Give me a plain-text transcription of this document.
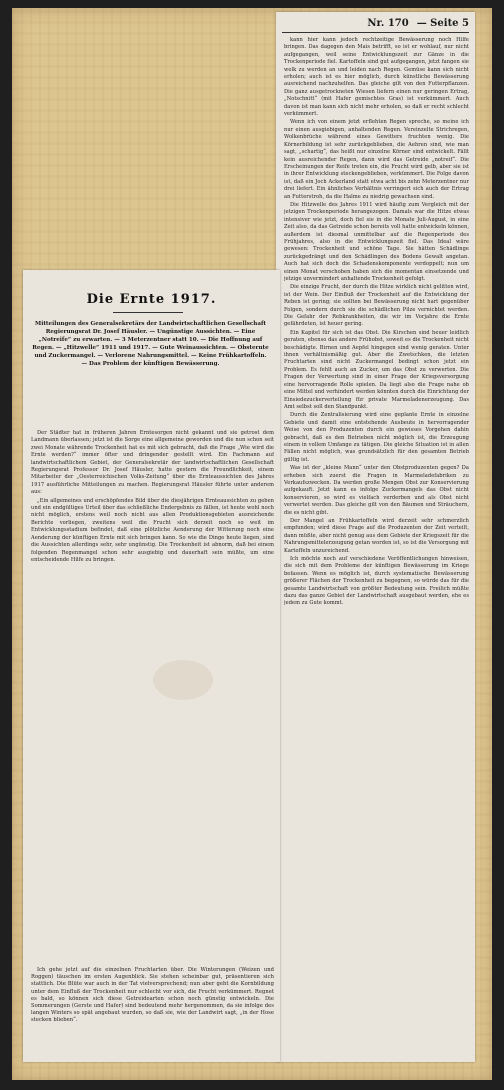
Nr. 170 — Seite 5

kann hier kann jedoch rechtzeitige Bewässerung noch Hilfe bringen. Das dagegen den Mais betrifft, so ist er wohlauf, nur nicht aufgegangen, weil seine Entwicklungszeit zur Gänze in die Trockenperiode fiel. Kartoffeln sind gut aufgegangen, jetzt fangen sie welk zu werden an und leiden nach Regen. Gemüse kann sich nicht erholen; auch ist es hier möglich, durch künstliche Bewässerung ausreichend nachzuhelfen. Das gleiche gilt von den Futterpflanzen. Die ganz ausgetrockneten Wiesen liefern einen nur geringen Ertrag, „Notschnitt“ (mit Hafer gemischtes Gras) ist verkümmert. Auch davon ist man kann sich nicht mehr erholen, so daß er recht schlecht verkümmert.

Wenn ich von einem jetzt erflehten Regen spreche, so meine ich nur einen ausgiebigen, anhaltenden Regen. Vereinzelte Strichregen, Wolkenbrüche während eines Gewitters fruchten wenig. Die Körnerbildung ist sehr zurückgeblieben, die Aehren sind, wie man sagt, „schartig“, das heißt nur einzelne Körner sind entwickelt. Fällt kein ausreichender Regen, dann wird das Getreide „notreif“. Die Erscheinungen der Reife treten ein, die Frucht wird gelb, aber sie ist in ihrer Entwicklung steckengeblieben, verkümmert. Die Folge davon ist, daß ein Joch Ackerland statt etwa acht bis zehn Meterzentner nur drei liefert. Ein ähnliches Verhältnis verringert sich auch der Ertrag an Futterstroh, da die Halme zu niedrig gewachsen sind.

Die Hitzwelle des Jahres 1911 wird häufig zum Vergleich mit der jetzigen Trockenperiode herangezogen. Damals war die Hitze etwas intensiver wie jetzt, doch fiel sie in die Monate Juli-August, in eine Zeit also, da das Getreide schon bereits voll hatte entwickeln können, außerdem ist diesmal unmittelbar auf die Regenperiode des Frühjahres, also in die Entwicklungszeit fiel. Das Ideal wäre gewesen: Trockenheit und schöne Tage. Sie hätten Schädlinge zurückgedrängt und den Schädlingen des Bodens Gewalt angetan. Auch hat sich doch die Schadenskomponente verdoppelt; nun um einen Monat verschoben haben sich die momentan einsetzende und jetzige unvermindert anhaltende Trockenheit gefolgt.

Die einzige Frucht, der durch die Hitze wirklich nicht gelitten wird, ist der Wein. Der Einfluß der Trockenheit auf die Entwicklung der Reben ist gering; sie sollten bei Bewässerung nicht hart gegenüber Folgen, sondern durch sie die schädlichen Pilze vernichtet werden. Die Gefahr der Rebkrankheiten, die wir im Vorjahre die Ernte gefährdeten, ist heuer gering.

Ein Kapitel für sich ist das Obst. Die Kirschen sind heuer leidlich geraten, ebenso das andere Frühobst, soweit es die Trockenheit nicht beschädigte. Birnen und Aepfel hingegen sind wenig geraten. Unter ihnen verhältnismäßig gut. Aber die Zwetschken, die letzten Fruchtarten sind nicht Zuckermangel bedingt schon jetzt ein Problem. Es fehlt auch an Zucker, um das Obst zu verwerten. Die Fragen der Verwertung sind in einer Frage der Kriegsversorgung eine hervorragende Rolle spielen. Da liegt also die Frage nahe ob eine Mittel und verhindert werden könnten durch die Einrichtung der Einsiedezuckerverteilung für private Marmeladenerzeugung. Das Amt selbst soll den Standpunkt.

Durch die Zentralisierung wird eine geplante Ernte in einzelne Gebiete und damit eine entstehende Ausbeute in hervorragender Weise von den Produzenten durch ein gewisses Vorgehen dahin gebracht, daß es den Betrieben nicht möglich ist, die Erzeugung einem in vollem Umfange zu tätigen. Die gleiche Situation ist in allen Fällen nicht möglich, was grundsätzlich für den gesamten Betrieb gültig ist.

Was ist der „kleine Mann“ unter den Obstproduzenten gegen? Da erheben sich zuerst die Fragen in Marmeladefabriken zu Verkaufszwecken. Da werden große Mengen Obst zur Konservierung aufgekauft. Jetzt kann es infolge Zuckermangels das Obst nicht konservieren, so wird es vielfach verderben und als Obst nicht verwertet werden. Das gleiche gilt von den Bäumen und Sträuchern, die es nicht gibt.

Der Mangel an Frühkartoffeln wird derzeit sehr schmerzlich empfunden; wird diese Frage auf die Produzenten der Zeit verteilt, dann müßte, aber nicht genug aus dem Gebiete der Kriegszeit für die Nahrungsmittelerzeugung getan worden ist, so ist die Versorgung mit Kartoffeln unzureichend.

Ich möchte noch auf verschiedene Veröffentlichungen hinweisen, die sich mit dem Probleme der künftigen Bewässerung im Kriege befassen. Wenn es möglich ist, durch systematische Bewässerung größerer Flächen der Trockenheit zu begegnen, so würde das für die gesamte Landwirtschaft von größter Bedeutung sein. Freilich müßte dazu das ganze Gebiet der Landwirtschaft ausgebaut werden, ehe es jedem zu Gute kommt.

Die Ernte 1917.
Mitteilungen des Generalsekretärs der Landwirtschaftlichen Gesellschaft Regierungsrat Dr. Josef Häusler. — Ungünstige Aussichten. — Eine „Notreife“ zu erwarten. — 3 Meterzentner statt 10. — Die Hoffnung auf Regen. — „Hitzwelle“ 1911 und 1917. — Gute Weinaussichten. — Obsternte und Zuckermangel. — Verlorene Nahrungsmittel. — Keine Frühkartoffeln. — Das Problem der künftigen Bewässerung.

Der Städter hat in früheren Jahren Erntesorgen nicht gekannt und sie getrost dem Landmann überlassen; jetzt ist die Sorge eine allgemeine geworden und die nun schon seit zwei Monate währende Trockenheit hat es mit sich gebracht, daß die Frage „Wie wird die Ernte werden?“ immer öfter und dringender gestellt wird. Ein Fachmann auf landwirtschaftlichem Gebiet, der Generalsekretär der landwirtschaftlichen Gesellschaft Regierungsrat Professor Dr. Josef Häusler, hatte gestern die Freundlichkeit, einem Mitarbeiter der „Oesterreichischen Volks-Zeitung“ über die Ernteaussichten des Jahres 1917 ausführliche Mitteilungen zu machen. Regierungsrat Häusler führte unter anderem aus:

„Ein allgemeines und erschöpfendes Bild über die diesjährigen Ernteaussichten zu geben und ein endgültiges Urteil über das schließliche Endergebnis zu fällen, ist heute wohl noch nicht möglich, erstens weil noch nicht aus allen Produktionsgebieten ausreichende Berichte vorliegen, zweitens weil die Frucht sich derzeit noch so weit im Entwicklungsstadium befindet, daß eine plötzliche Aenderung der Witterung noch eine Aenderung der künftigen Ernte mit sich bringen kann. So wie die Dinge heute liegen, sind die Aussichten allerdings sehr, sehr ungünstig. Die Trockenheit ist abnorm, daß bei einem folgenden Regenmangel schon sehr ausgiebig und dauerhaft sein müßte, um eine entscheidende Hilfe zu bringen.

Ich gehe jetzt auf die einzelnen Fruchtarten über. Die Winterungen (Weizen und Roggen) täuschen im ersten Augenblick. Sie stehen scheinbar gut, präsentieren sich stattlich. Die Blüte war auch in der Tat vielversprechend; nun aber geht die Kornbildung unter dem Einfluß der Trockenheit nur schlecht vor sich, die Frucht verkümmert. Regnet es bald, so können sich diese Getreidearten schon noch günstig entwickeln. Die Sommerungen (Gerste und Hafer) sind bedeutend mehr hergenommen, da sie infolge des langen Winters so spät angebaut wurden, so daß sie, wie der Landwirt sagt, „in der Hose stecken blieben“.
